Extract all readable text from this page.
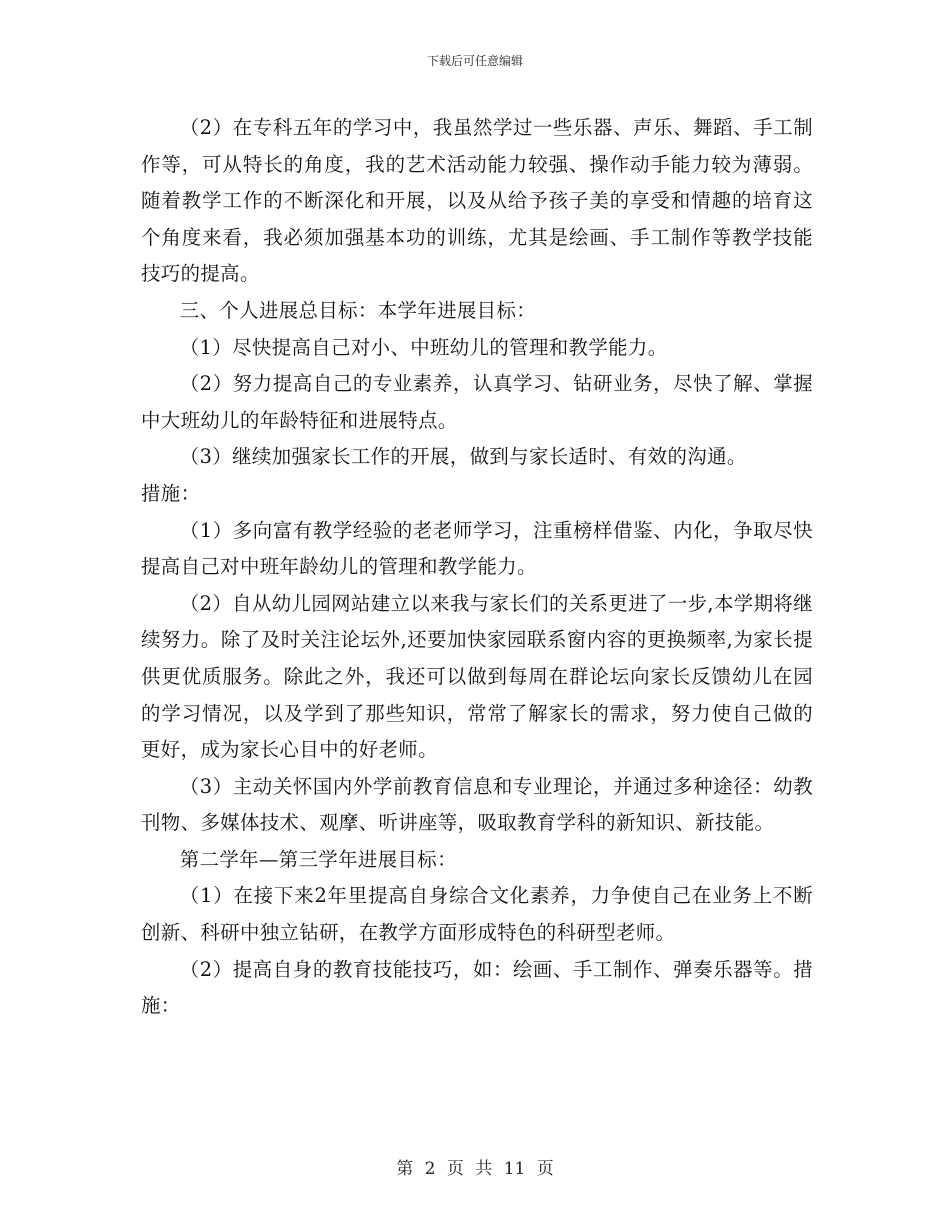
下载后可任意编辑

（2）在专科五年的学习中，我虽然学过一些乐器、声乐、舞蹈、手工制作等，可从特长的角度，我的艺术活动能力较强、操作动手能力较为薄弱。随着教学工作的不断深化和开展，以及从给予孩子美的享受和情趣的培育这个角度来看，我必须加强基本功的训练，尤其是绘画、手工制作等教学技能技巧的提高。

三、个人进展总目标：本学年进展目标：

（1）尽快提高自己对小、中班幼儿的管理和教学能力。

（2）努力提高自己的专业素养，认真学习、钻研业务，尽快了解、掌握中大班幼儿的年龄特征和进展特点。

（3）继续加强家长工作的开展，做到与家长适时、有效的沟通。

措施：

（1）多向富有教学经验的老老师学习，注重榜样借鉴、内化，争取尽快提高自己对中班年龄幼儿的管理和教学能力。

（2）自从幼儿园网站建立以来我与家长们的关系更进了一步,本学期将继续努力。除了及时关注论坛外,还要加快家园联系窗内容的更换频率,为家长提供更优质服务。除此之外，我还可以做到每周在群论坛向家长反馈幼儿在园的学习情况，以及学到了那些知识，常常了解家长的需求，努力使自己做的更好，成为家长心目中的好老师。

（3）主动关怀国内外学前教育信息和专业理论，并通过多种途径：幼教刊物、多媒体技术、观摩、听讲座等，吸取教育学科的新知识、新技能。

第二学年—第三学年进展目标：

（1）在接下来2年里提高自身综合文化素养，力争使自己在业务上不断创新、科研中独立钻研，在教学方面形成特色的科研型老师。

（2）提高自身的教育技能技巧，如：绘画、手工制作、弹奏乐器等。措施：

第 2 页 共 11 页
